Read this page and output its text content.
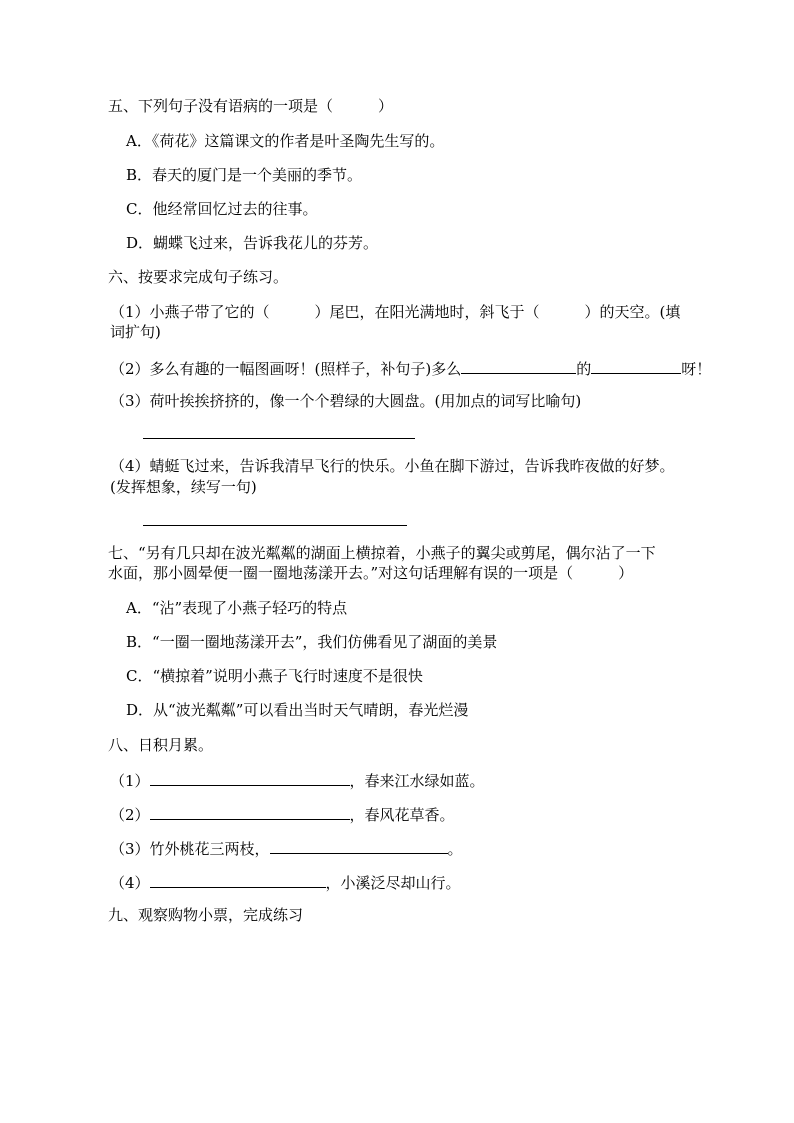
五、下列句子没有语病的一项是（　　　）
A．《荷花》这篇课文的作者是叶圣陶先生写的。
B．春天的厦门是一个美丽的季节。
C．他经常回忆过去的往事。
D．蝴蝶飞过来，告诉我花儿的芬芳。
六、按要求完成句子练习。
（1）小燕子带了它的（　　　）尾巴，在阳光满地时，斜飞于（　　　）的天空。(填
词扩句)
（2）多么有趣的一幅图画呀！(照样子，补句子)多么	的	呀！
（3）荷叶挨挨挤挤的，像一个个碧绿的大圆盘。(用加点的词写比喻句)
（4）蜻蜓飞过来，告诉我清早飞行的快乐。小鱼在脚下游过，告诉我昨夜做的好梦。
(发挥想象，续写一句)
七、“另有几只却在波光粼粼的湖面上横掠着，小燕子的翼尖或剪尾，偶尔沾了一下
水面，那小圆晕便一圈一圈地荡漾开去。”对这句话理解有误的一项是（　　　）
A．“沾”表现了小燕子轻巧的特点
B．“一圈一圈地荡漾开去”，我们仿佛看见了湖面的美景
C．“横掠着”说明小燕子飞行时速度不是很快
D．从“波光粼粼”可以看出当时天气晴朗，春光烂漫
八、日积月累。
（1）	，春来江水绿如蓝。
（2）	，春风花草香。
（3）竹外桃花三两枝，	。
（4）	，小溪泛尽却山行。
九、观察购物小票，完成练习
